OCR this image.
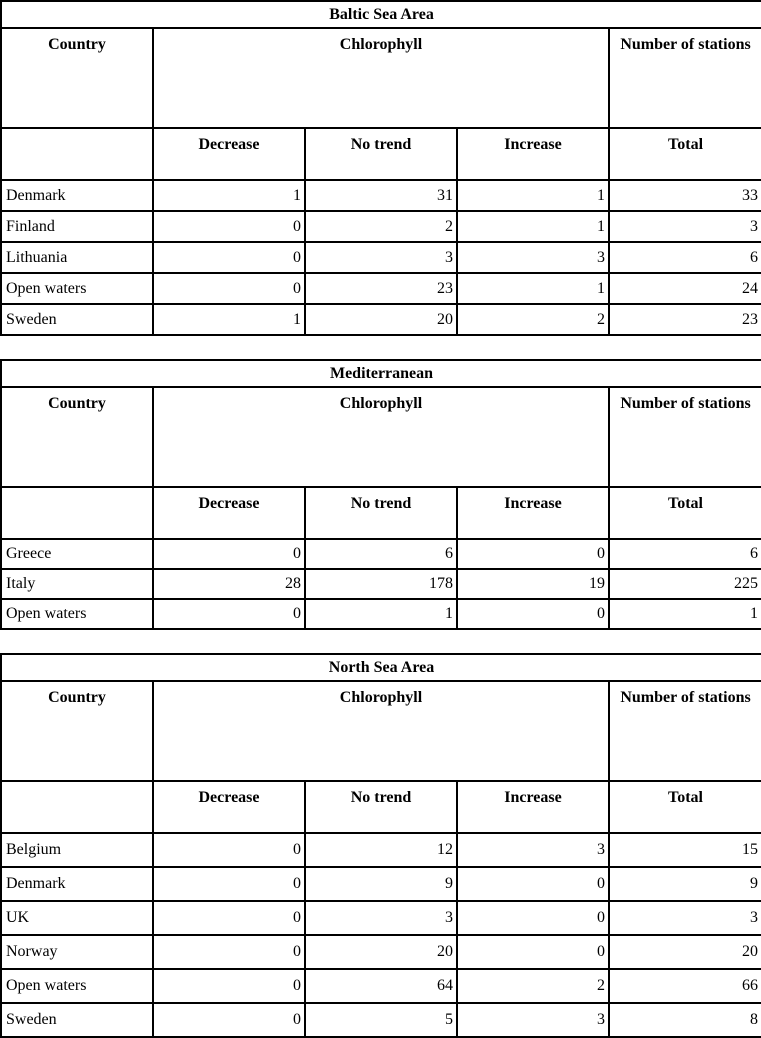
Baltic Sea Area				
Country	Chlorophyll			Number of stations
	Decrease	No trend	Increase	Total
Denmark	1	31	1	33
Finland	0	2	1	3
Lithuania	0	3	3	6
Open waters	0	23	1	24
Sweden	1	20	2	23
Mediterranean				
Country	Chlorophyll			Number of stations
	Decrease	No trend	Increase	Total
Greece	0	6	0	6
Italy	28	178	19	225
Open waters	0	1	0	1
North Sea Area				
Country	Chlorophyll			Number of stations
	Decrease	No trend	Increase	Total
Belgium	0	12	3	15
Denmark	0	9	0	9
UK	0	3	0	3
Norway	0	20	0	20
Open waters	0	64	2	66
Sweden	0	5	3	8
